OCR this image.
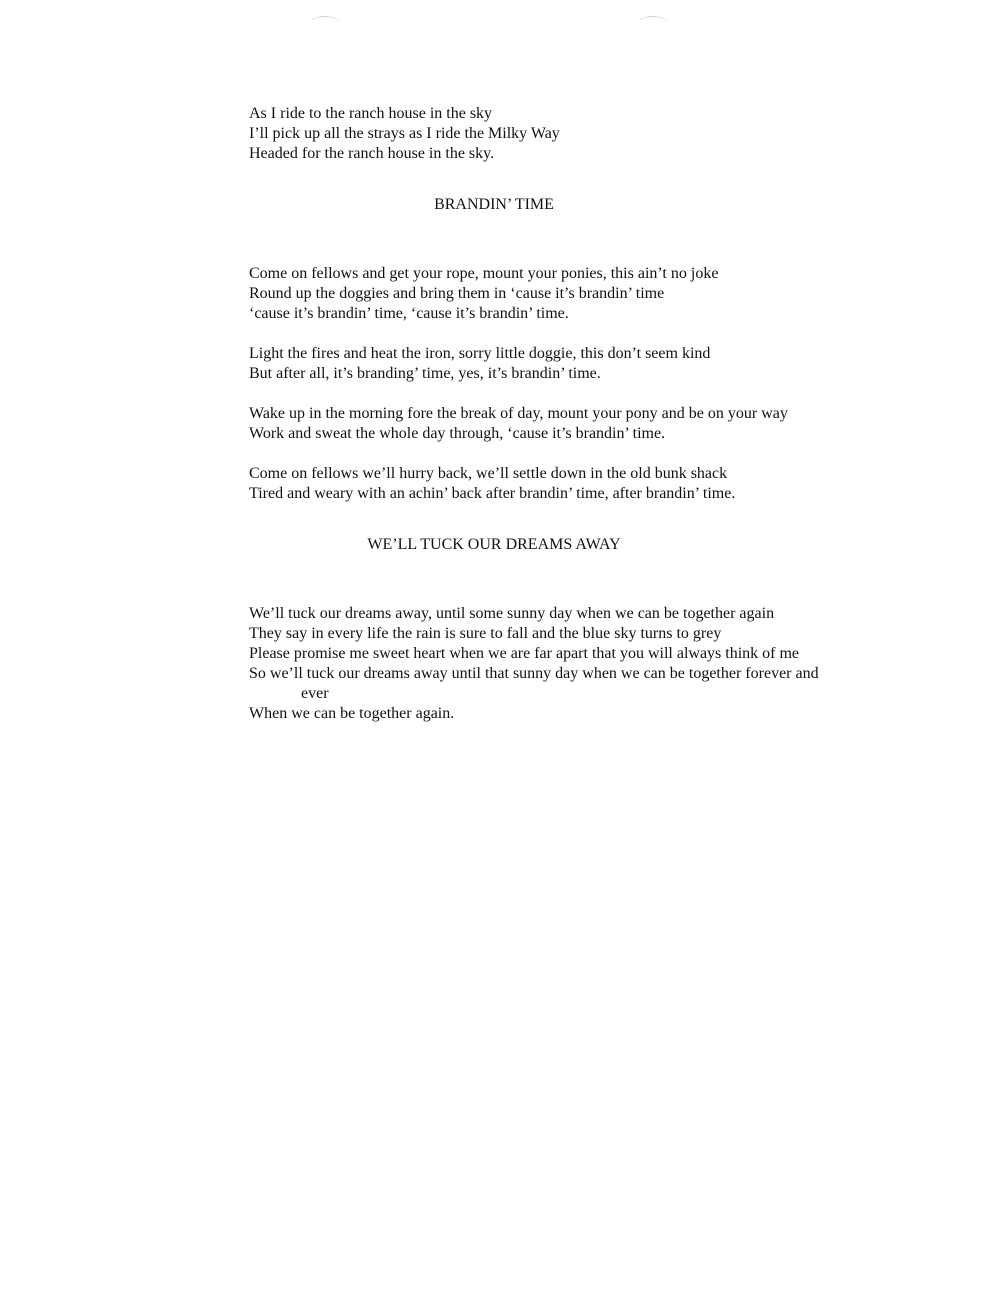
As I ride to the ranch house in the sky
I’ll pick up all the strays as I ride the Milky Way
Headed for the ranch house in the sky.
BRANDIN’ TIME
Come on fellows and get your rope, mount your ponies, this ain’t no joke
Round up the doggies and bring them in ‘cause it’s brandin’ time
‘cause it’s brandin’ time, ‘cause it’s brandin’ time.
Light the fires and heat the iron, sorry little doggie, this don’t seem kind
But after all, it’s branding’ time, yes, it’s brandin’ time.
Wake up in the morning fore the break of day, mount your pony and be on your way
Work and sweat the whole day through, ‘cause it’s brandin’ time.
Come on fellows we’ll hurry back, we’ll settle down in the old bunk shack
Tired and weary with an achin’ back after brandin’ time, after brandin’ time.
WE’LL TUCK OUR DREAMS AWAY
We’ll tuck our dreams away, until some sunny day when we can be together again
They say in every life the rain is sure to fall and the blue sky turns to grey
Please promise me sweet heart when we are far apart that you will always think of me
So we’ll tuck our dreams away until that sunny day when we can be together forever and
ever
When we can be together again.
